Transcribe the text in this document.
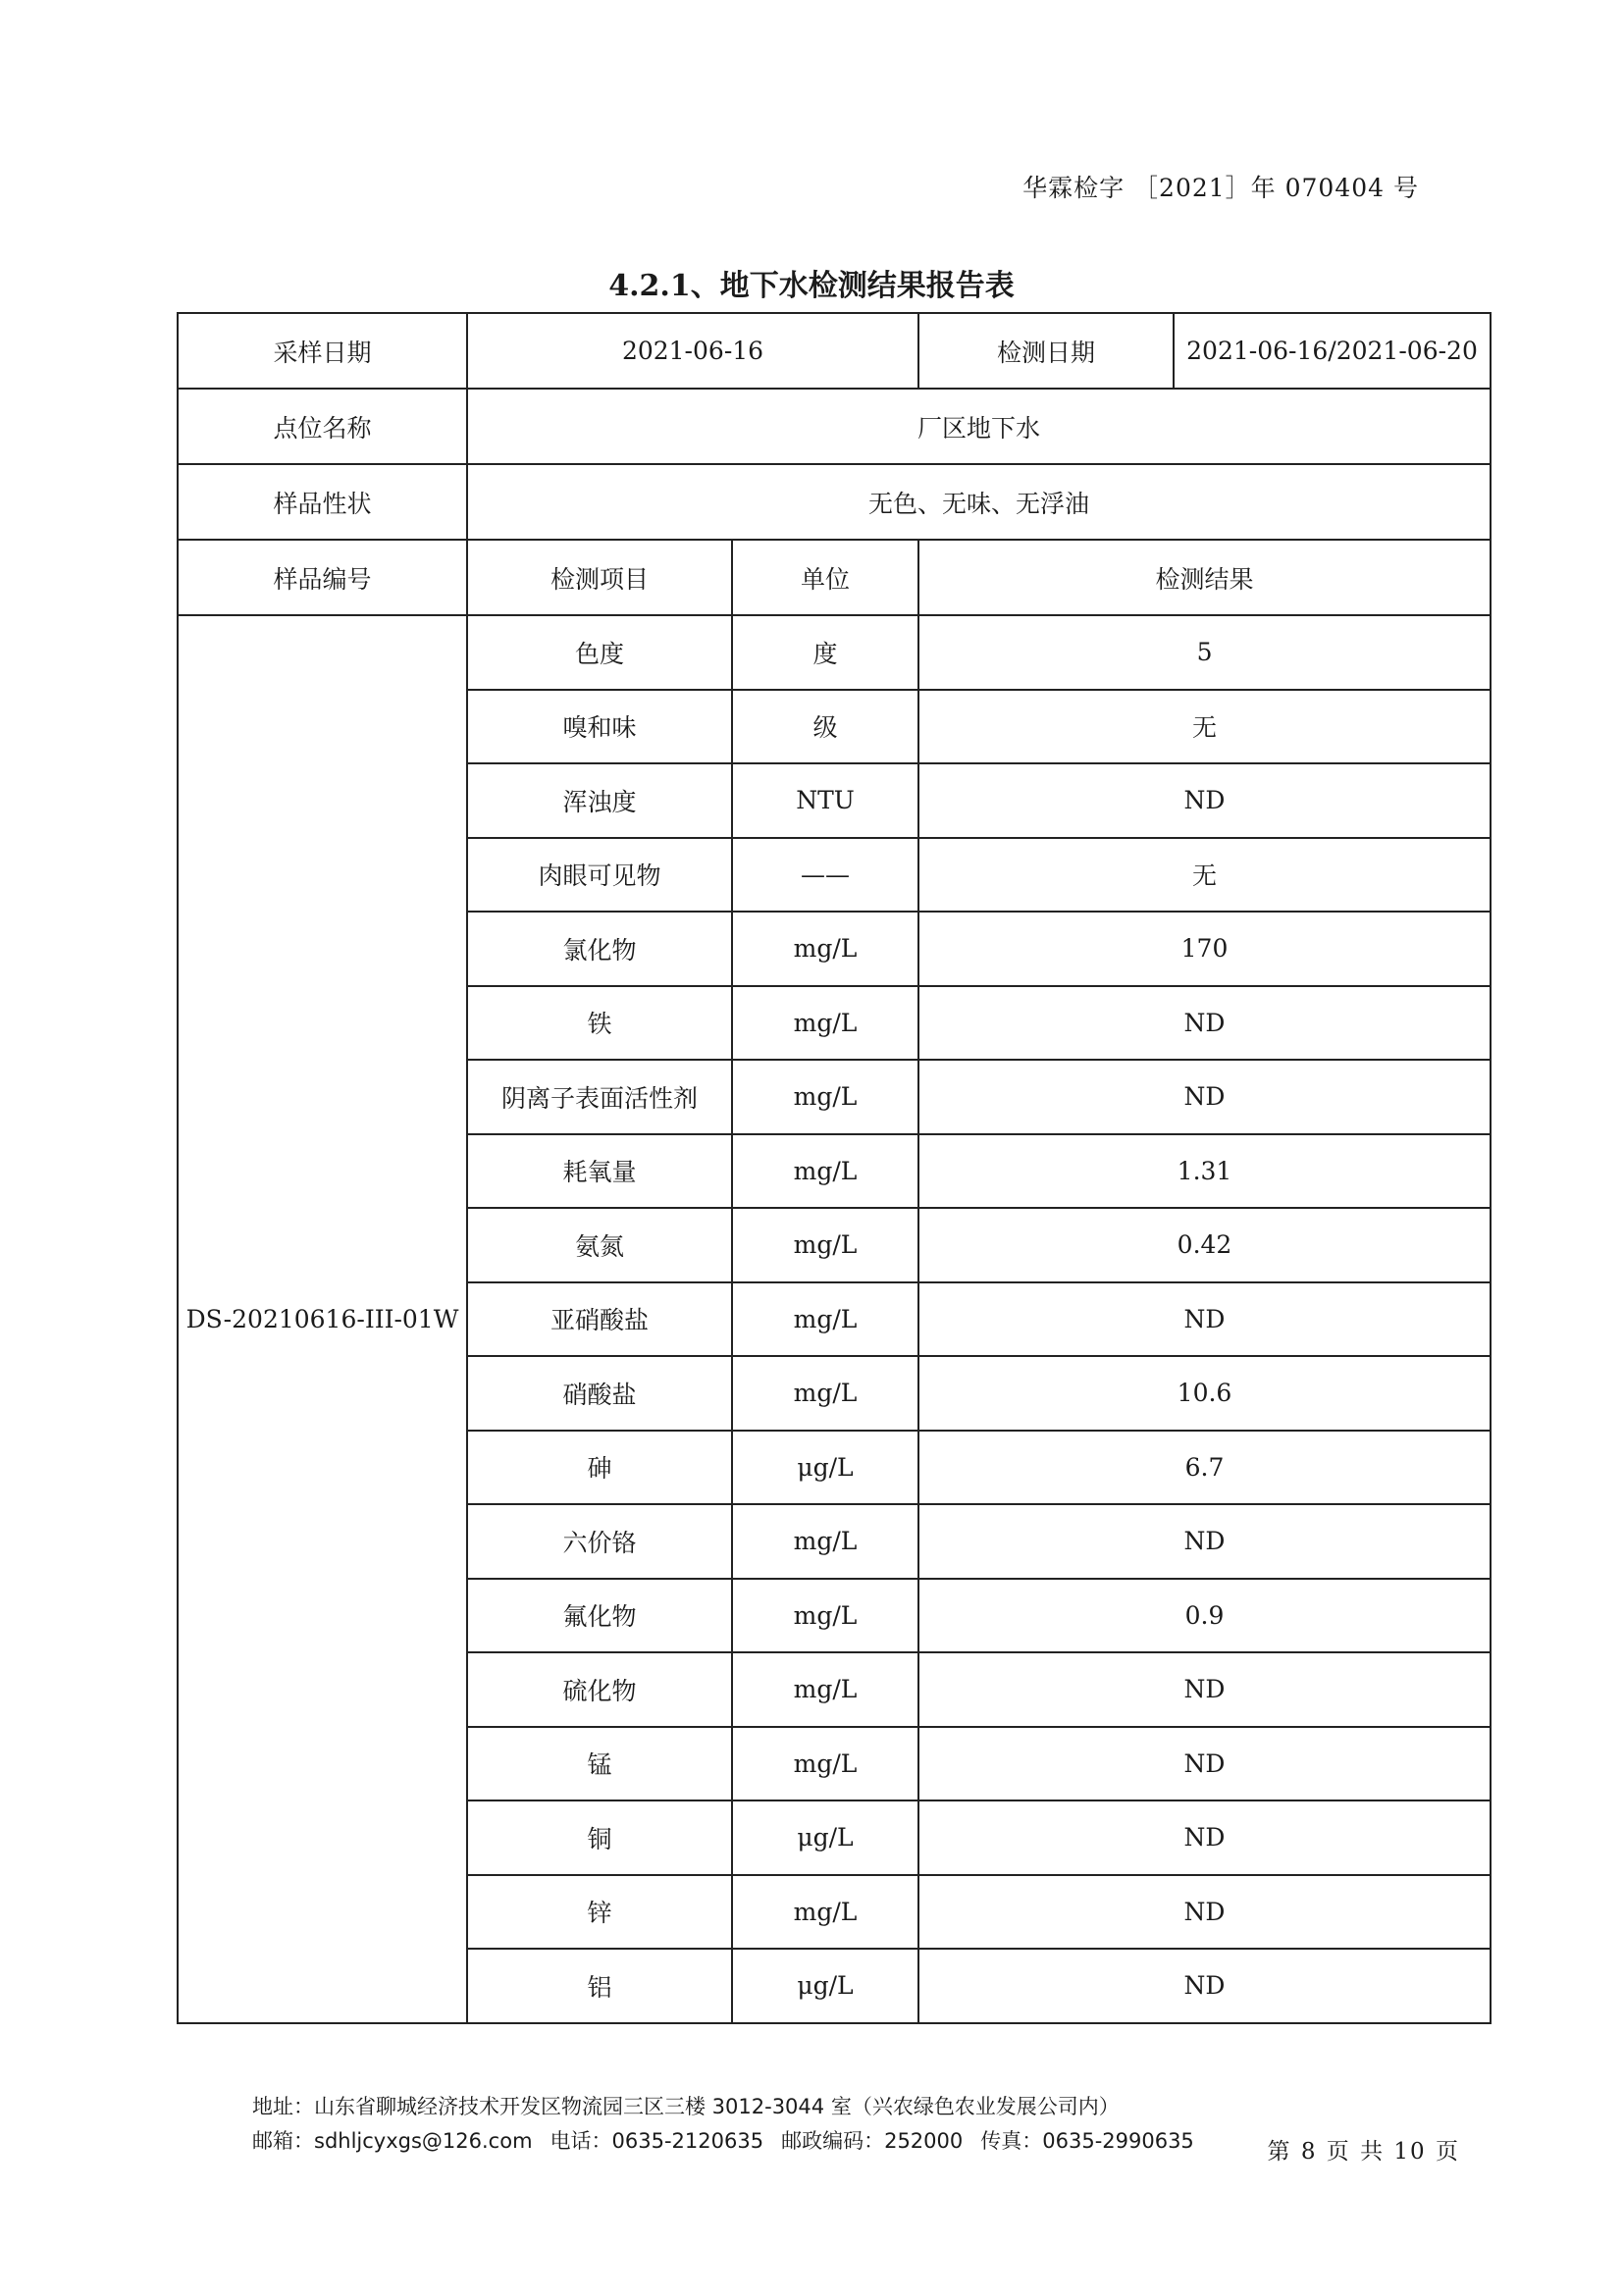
华霖检字 ［2021］年 070404 号
4.2.1、地下水检测结果报告表
采样日期	2021-06-16		检测日期	2021-06-16/2021-06-20
点位名称	厂区地下水			
样品性状	无色、无味、无浮油			
样品编号	检测项目	单位	检测结果	
DS-20210616-III-01W	色度	度	5	
	嗅和味	级	无	
	浑浊度	NTU	ND	
	肉眼可见物	——	无	
	氯化物	mg/L	170	
	铁	mg/L	ND	
	阴离子表面活性剂	mg/L	ND	
	耗氧量	mg/L	1.31	
	氨氮	mg/L	0.42	
	亚硝酸盐	mg/L	ND	
	硝酸盐	mg/L	10.6	
	砷	μg/L	6.7	
	六价铬	mg/L	ND	
	氟化物	mg/L	0.9	
	硫化物	mg/L	ND	
	锰	mg/L	ND	
	铜	μg/L	ND	
	锌	mg/L	ND	
	铝	μg/L	ND	
地址：山东省聊城经济技术开发区物流园三区三楼 3012-3044 室（兴农绿色农业发展公司内）
邮箱：sdhljcyxgs@126.com 电话：0635-2120635 邮政编码：252000 传真：0635-2990635	第 8 页 共 10 页
